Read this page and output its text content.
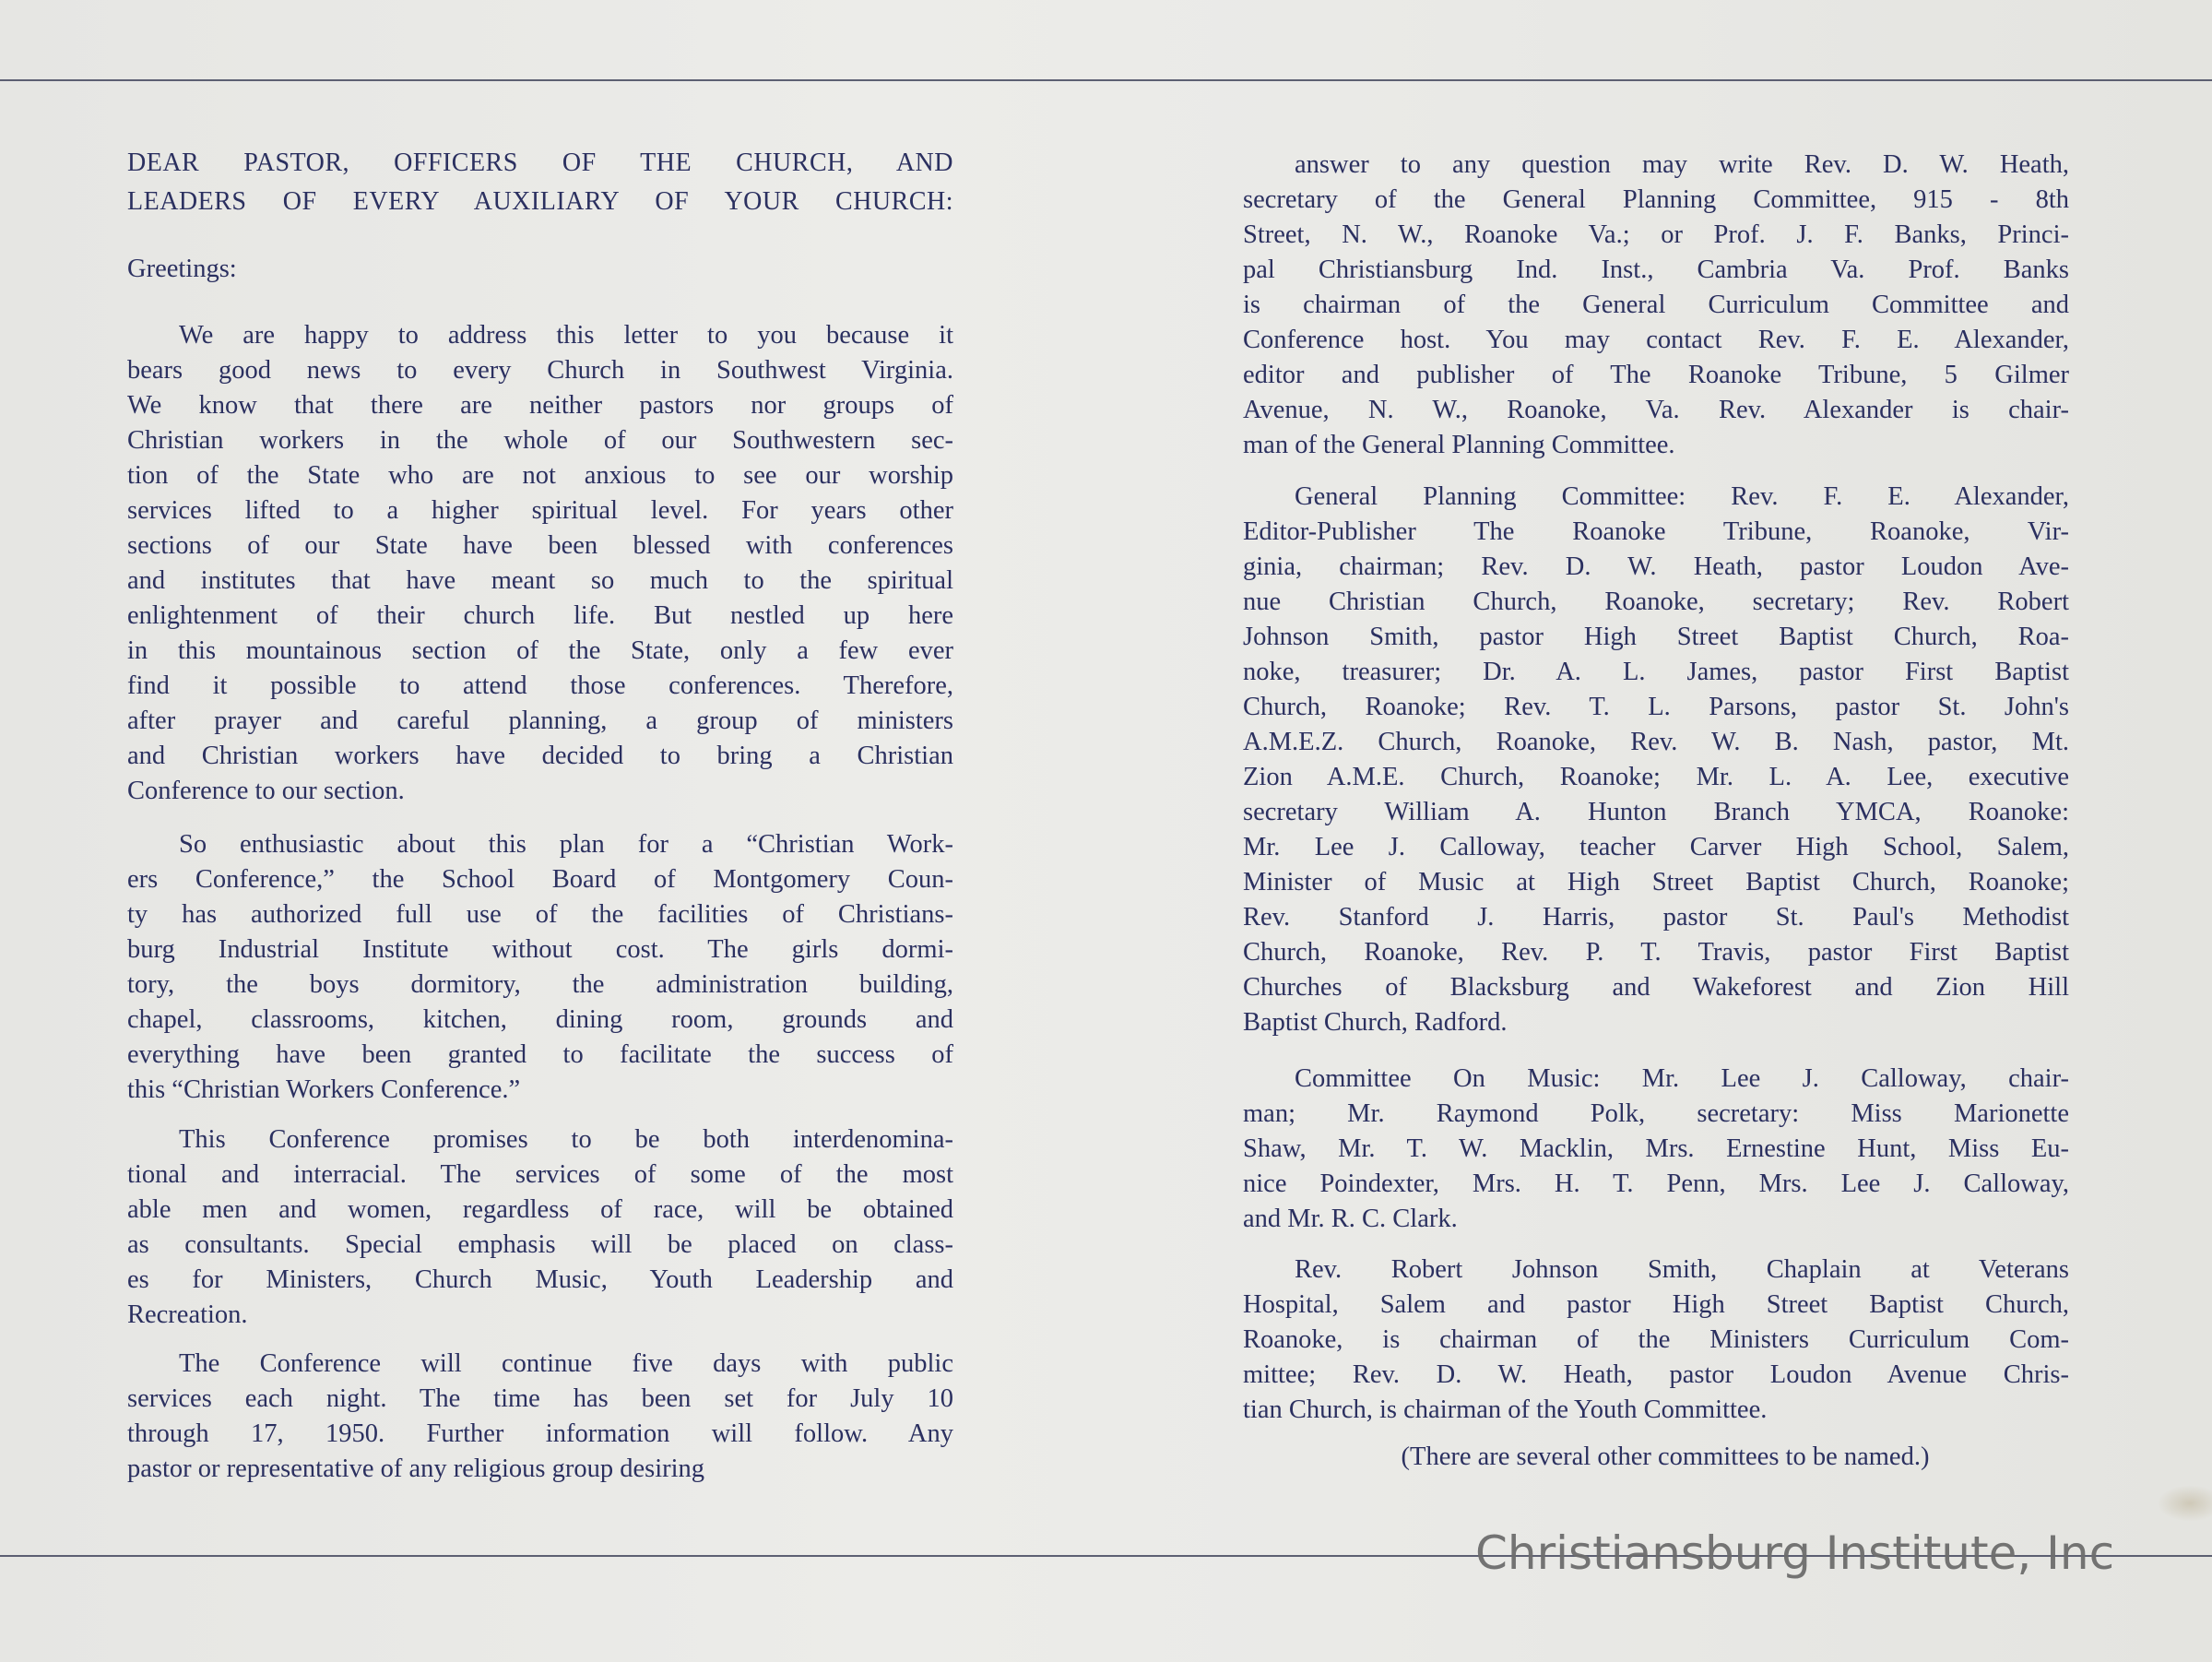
DEAR PASTOR, OFFICERS OF THE CHURCH, AND
LEADERS OF EVERY AUXILIARY OF YOUR CHURCH:
Greetings:
We are happy to address this letter to you because it
bears good news to every Church in Southwest Virginia.
We know that there are neither pastors nor groups of
Christian workers in the whole of our Southwestern sec-
tion of the State who are not anxious to see our worship
services lifted to a higher spiritual level. For years other
sections of our State have been blessed with conferences
and institutes that have meant so much to the spiritual
enlightenment of their church life. But nestled up here
in this mountainous section of the State, only a few ever
find it possible to attend those conferences. Therefore,
after prayer and careful planning, a group of ministers
and Christian workers have decided to bring a Christian
Conference to our section.
So enthusiastic about this plan for a “Christian Work-
ers Conference,” the School Board of Montgomery Coun-
ty has authorized full use of the facilities of Christians-
burg Industrial Institute without cost. The girls dormi-
tory, the boys dormitory, the administration building,
chapel, classrooms, kitchen, dining room, grounds and
everything have been granted to facilitate the success of
this “Christian Workers Conference.”
This Conference promises to be both interdenomina-
tional and interracial. The services of some of the most
able men and women, regardless of race, will be obtained
as consultants. Special emphasis will be placed on class-
es for Ministers, Church Music, Youth Leadership and
Recreation.
The Conference will continue five days with public
services each night. The time has been set for July 10
through 17, 1950. Further information will follow. Any
pastor or representative of any religious group desiring	(There are several other committees to be named.)
answer to any question may write Rev. D. W. Heath,
secretary of the General Planning Committee, 915 - 8th
Street, N. W., Roanoke Va.; or Prof. J. F. Banks, Princi-
pal Christiansburg Ind. Inst., Cambria Va. Prof. Banks
is chairman of the General Curriculum Committee and
Conference host. You may contact Rev. F. E. Alexander,
editor and publisher of The Roanoke Tribune, 5 Gilmer
Avenue, N. W., Roanoke, Va. Rev. Alexander is chair-
man of the General Planning Committee.
General Planning Committee: Rev. F. E. Alexander,
Editor-Publisher The Roanoke Tribune, Roanoke, Vir-
ginia, chairman; Rev. D. W. Heath, pastor Loudon Ave-
nue Christian Church, Roanoke, secretary; Rev. Robert
Johnson Smith, pastor High Street Baptist Church, Roa-
noke, treasurer; Dr. A. L. James, pastor First Baptist
Church, Roanoke; Rev. T. L. Parsons, pastor St. John's
A.M.E.Z. Church, Roanoke, Rev. W. B. Nash, pastor, Mt.
Zion A.M.E. Church, Roanoke; Mr. L. A. Lee, executive
secretary William A. Hunton Branch YMCA, Roanoke:
Mr. Lee J. Calloway, teacher Carver High School, Salem,
Minister of Music at High Street Baptist Church, Roanoke;
Rev. Stanford J. Harris, pastor St. Paul's Methodist
Church, Roanoke, Rev. P. T. Travis, pastor First Baptist
Churches of Blacksburg and Wakeforest and Zion Hill
Baptist Church, Radford.
Committee On Music: Mr. Lee J. Calloway, chair-
man; Mr. Raymond Polk, secretary: Miss Marionette
Shaw, Mr. T. W. Macklin, Mrs. Ernestine Hunt, Miss Eu-
nice Poindexter, Mrs. H. T. Penn, Mrs. Lee J. Calloway,
and Mr. R. C. Clark.
Rev. Robert Johnson Smith, Chaplain at Veterans
Hospital, Salem and pastor High Street Baptist Church,
Roanoke, is chairman of the Ministers Curriculum Com-
mittee; Rev. D. W. Heath, pastor Loudon Avenue Chris-
tian Church, is chairman of the Youth Committee.
Christiansburg Institute, Inc
